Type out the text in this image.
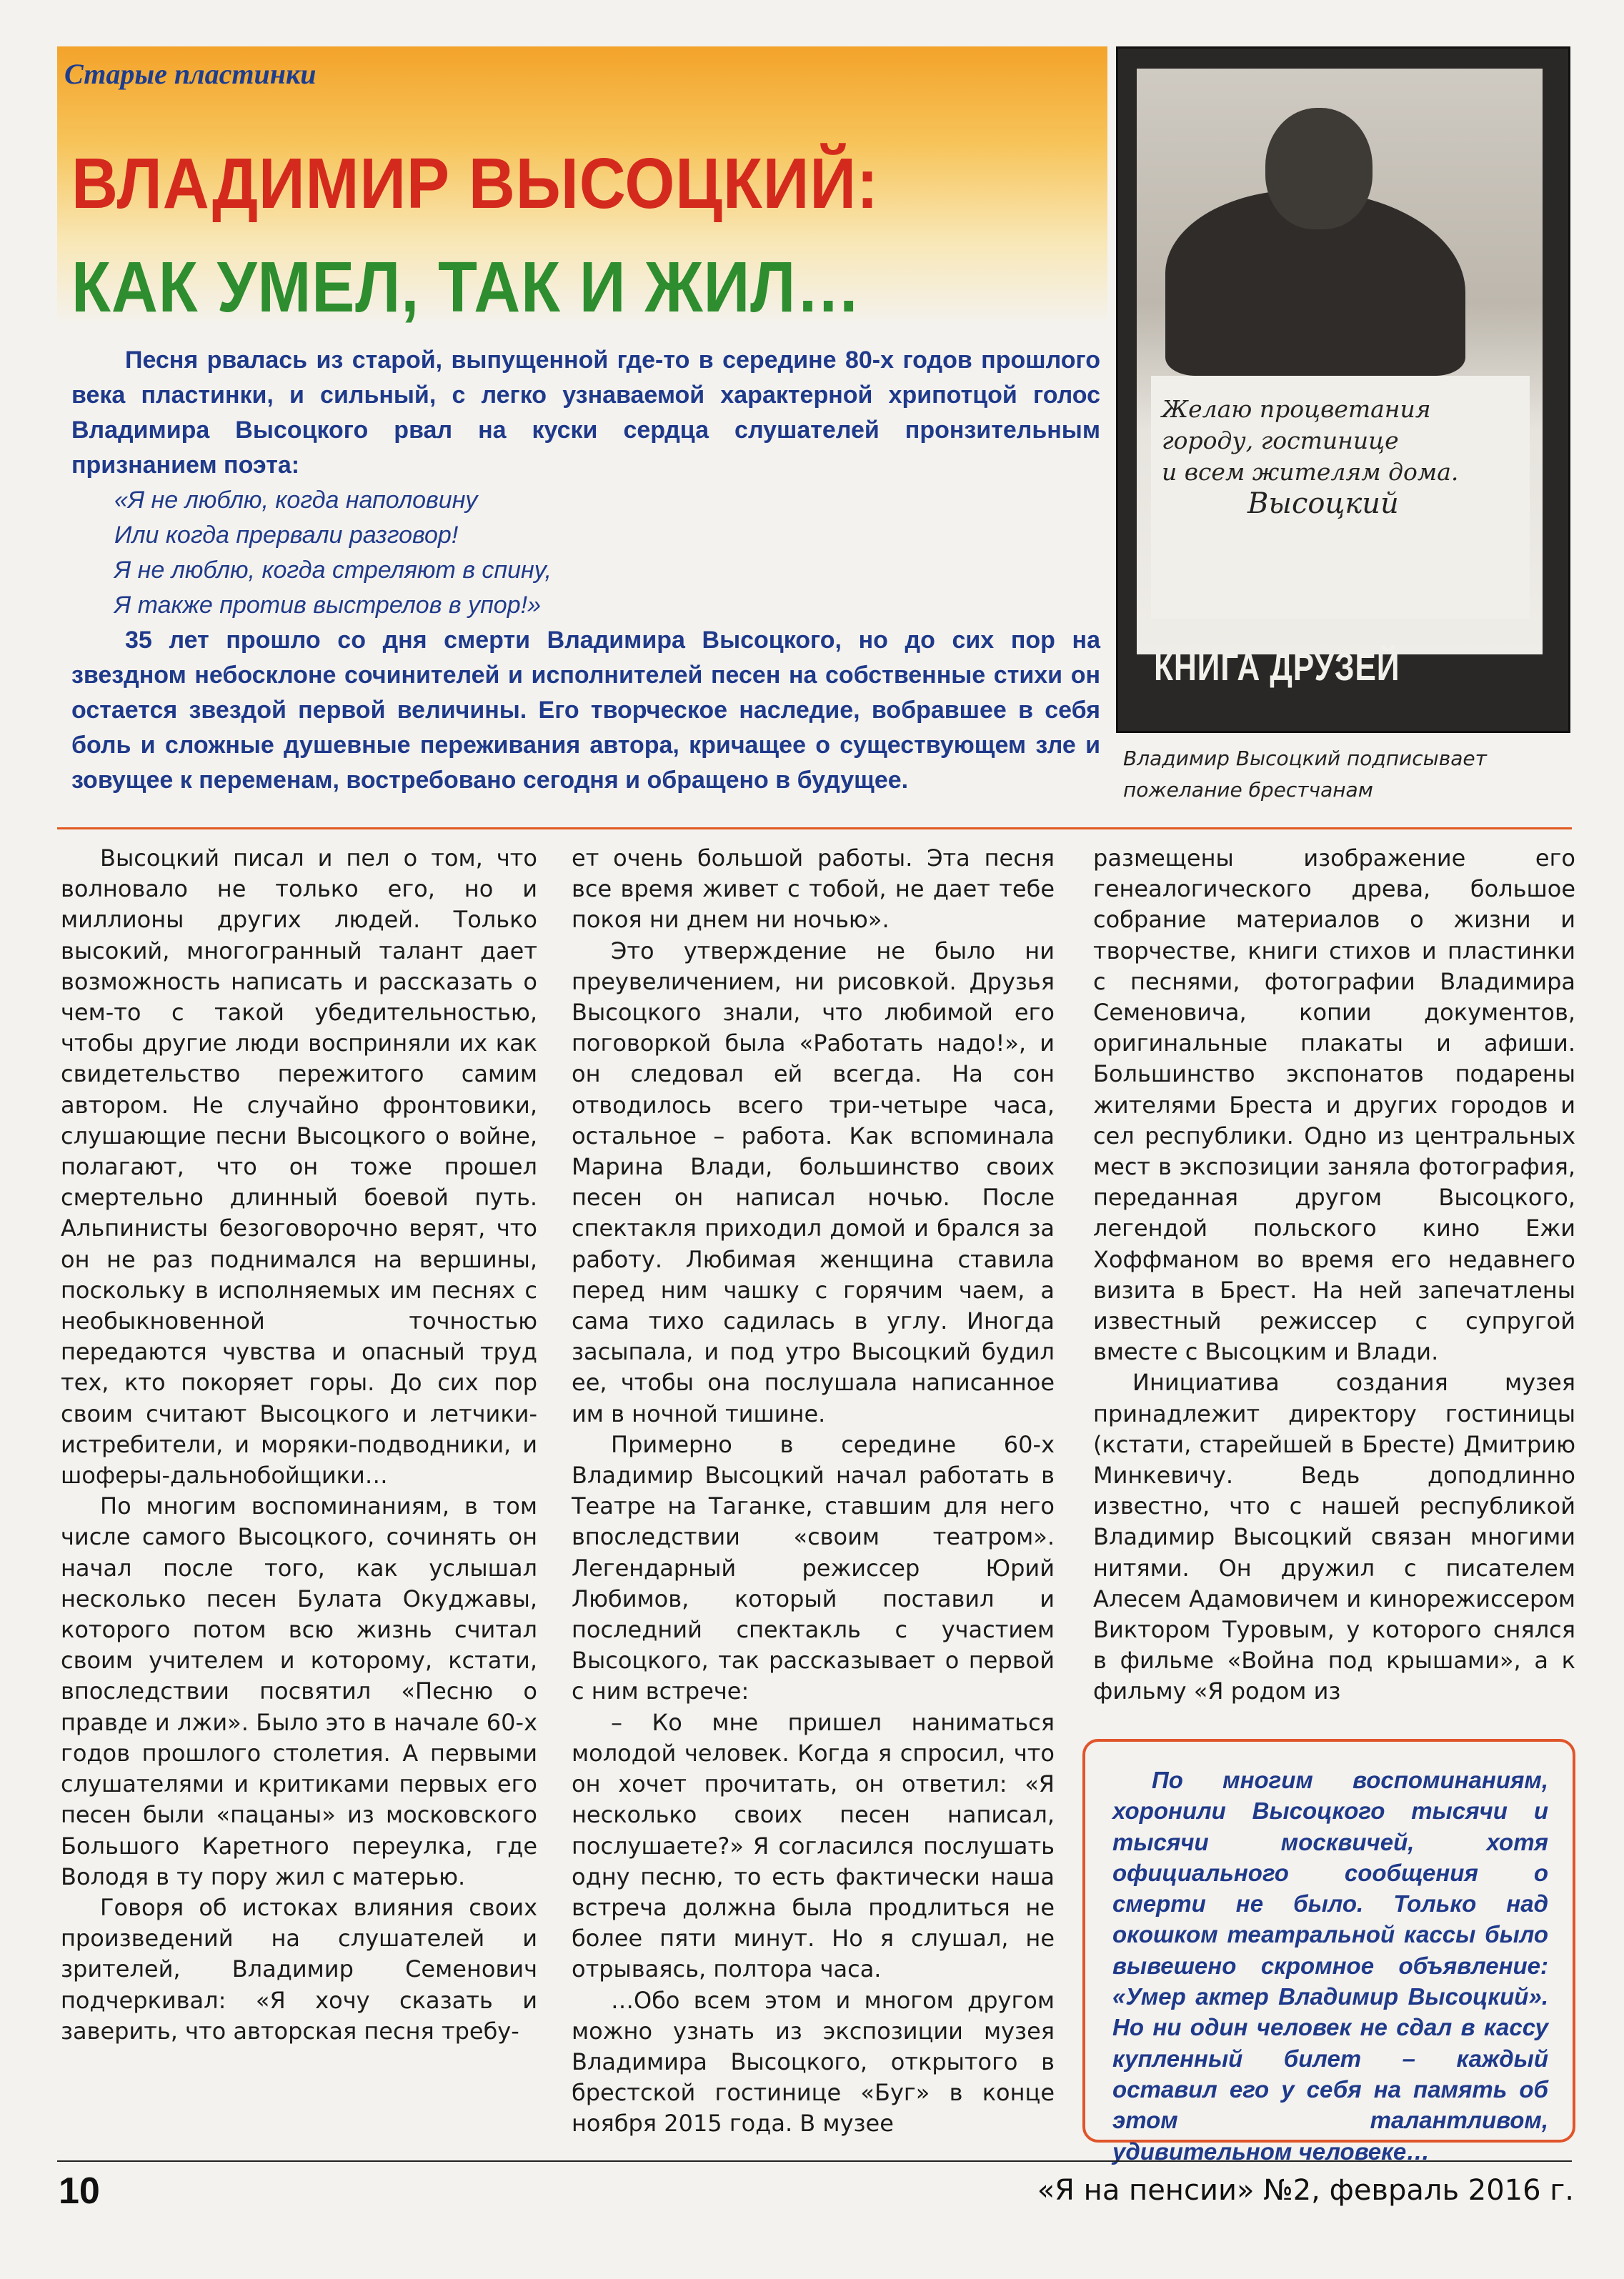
Старые пластинки
ВЛАДИМИР ВЫСОЦКИЙ:
КАК УМЕЛ, ТАК И ЖИЛ…

Песня рвалась из старой, выпущенной где-то в середине 80-х годов прошлого века пластинки, и сильный, с легко узнаваемой характерной хрипотцой голос Владимира Высоцкого рвал на куски сердца слушателей пронзительным признанием поэта:

«Я не люблю, когда наполовину

Или когда прервали разговор!

Я не люблю, когда стреляют в спину,

Я также против выстрелов в упор!»

35 лет прошло со дня смерти Владимира Высоцкого, но до сих пор на звездном небосклоне сочинителей и исполнителей песен на собственные стихи он остается звездой первой величины. Его творческое наследие, вобравшее в себя боль и сложные душевные переживания автора, кричащее о существующем зле и зовущее к переменам, востребовано сегодня и обращено в будущее.

Желаю процветания
городу, гостинице
и всем жителям дома.
Высоцкий
КНИГА ДРУЗЕЙ
Владимир Высоцкий подписывает пожелание брестчанам

Высоцкий писал и пел о том, что волновало не только его, но и миллионы других людей. Только высокий, многогранный талант дает возможность написать и рассказать о чем-то с такой убедительностью, чтобы другие люди восприняли их как свидетельство пережитого самим автором. Не случайно фронтовики, слушающие песни Высоцкого о войне, полагают, что он тоже прошел смертельно длинный боевой путь. Альпинисты безоговорочно верят, что он не раз поднимался на вершины, поскольку в исполняемых им песнях с необыкновенной точностью передаются чувства и опасный труд тех, кто покоряет горы. До сих пор своим считают Высоцкого и летчики-истребители, и моряки-подводники, и шоферы-дальнобойщики…

По многим воспоминаниям, в том числе самого Высоцкого, сочинять он начал после того, как услышал несколько песен Булата Окуджавы, которого потом всю жизнь считал своим учителем и которому, кстати, впоследствии посвятил «Песню о правде и лжи». Было это в начале 60-х годов прошлого столетия. А первыми слушателями и критиками первых его песен были «пацаны» из московского Большого Каретного переулка, где Володя в ту пору жил с матерью.

Говоря об истоках влияния своих произведений на слушателей и зрителей, Владимир Семенович подчеркивал: «Я хочу сказать и заверить, что авторская песня требу-

ет очень большой работы. Эта песня все время живет с тобой, не дает тебе покоя ни днем ни ночью».

Это утверждение не было ни преувеличением, ни рисовкой. Друзья Высоцкого знали, что любимой его поговоркой была «Работать надо!», и он следовал ей всегда. На сон отводилось всего три-четыре часа, остальное – работа. Как вспоминала Марина Влади, большинство своих песен он написал ночью. После спектакля приходил домой и брался за работу. Любимая женщина ставила перед ним чашку с горячим чаем, а сама тихо садилась в углу. Иногда засыпала, и под утро Высоцкий будил ее, чтобы она послушала написанное им в ночной тишине.

Примерно в середине 60-х Владимир Высоцкий начал работать в Театре на Таганке, ставшим для него впоследствии «своим театром». Легендарный режиссер Юрий Любимов, который поставил и последний спектакль с участием Высоцкого, так рассказывает о первой с ним встрече:

– Ко мне пришел наниматься молодой человек. Когда я спросил, что он хочет прочитать, он ответил: «Я несколько своих песен написал, послушаете?» Я согласился послушать одну песню, то есть фактически наша встреча должна была продлиться не более пяти минут. Но я слушал, не отрываясь, полтора часа.

…Обо всем этом и многом другом можно узнать из экспозиции музея Владимира Высоцкого, открытого в брестской гостинице «Буг» в конце ноября 2015 года. В музее

размещены изображение его генеалогического древа, большое собрание материалов о жизни и творчестве, книги стихов и пластинки с песнями, фотографии Владимира Семеновича, копии документов, оригинальные плакаты и афиши. Большинство экспонатов подарены жителями Бреста и других городов и сел республики. Одно из центральных мест в экспозиции заняла фотография, переданная другом Высоцкого, легендой польского кино Ежи Хоффманом во время его недавнего визита в Брест. На ней запечатлены известный режиссер с супругой вместе с Высоцким и Влади.

Инициатива создания музея принадлежит директору гостиницы (кстати, старейшей в Бресте) Дмитрию Минкевичу. Ведь доподлинно известно, что с нашей республикой Владимир Высоцкий связан многими нитями. Он дружил с писателем Алесем Адамовичем и кинорежиссером Виктором Туровым, у которого снялся в фильме «Война под крышами», а к фильму «Я родом из

По многим воспоминаниям, хоронили Высоцкого тысячи и тысячи москвичей, хотя официального сообщения о смерти не было. Только над окошком театральной кассы было вывешено скромное объявление: «Умер актер Владимир Высоцкий». Но ни один человек не сдал в кассу купленный билет – каждый оставил его у себя на память об этом талантливом, удивительном человеке…

10	«Я на пенсии» №2, февраль 2016 г.
